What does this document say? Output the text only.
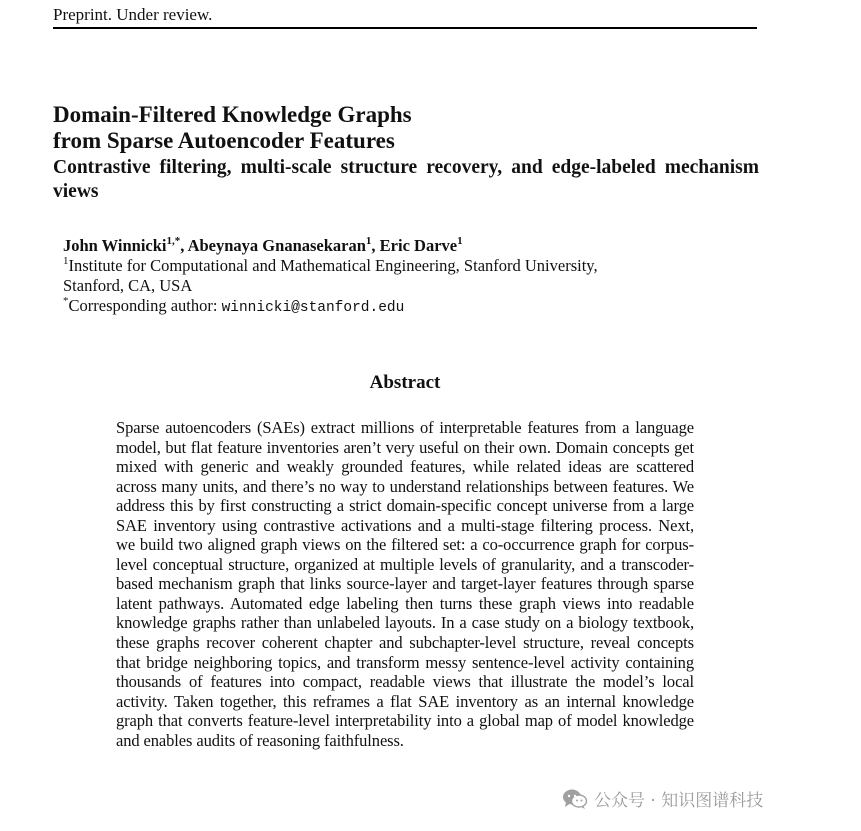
Preprint. Under review.
Domain-Filtered Knowledge Graphs
from Sparse Autoencoder Features
Contrastive filtering, multi-scale structure recovery, and edge-labeled mechanism views
John Winnicki$^{1,*}$, Abeynaya Gnanasekaran$^1$, Eric Darve$^1$
$^1$Institute for Computational and Mathematical Engineering, Stanford University,
Stanford, CA, USA
*Corresponding author: winnicki@stanford.edu
Abstract

Sparse autoencoders (SAEs) extract millions of interpretable features from a language model, but flat feature inventories aren’t very useful on their own. Domain concepts get mixed with generic and weakly grounded features, while related ideas are scattered across many units, and there’s no way to understand relationships between features. We address this by first constructing a strict domain-specific concept universe from a large SAE inventory using contrastive activations and a multi-stage filtering process. Next, we build two aligned graph views on the filtered set: a co-occurrence graph for corpus-level conceptual structure, organized at multiple levels of granularity, and a transcoder-based mechanism graph that links source-layer and target-layer features through sparse latent pathways. Automated edge labeling then turns these graph views into readable knowledge graphs rather than unlabeled layouts. In a case study on a biology textbook, these graphs recover coherent chapter and subchapter-level structure, reveal concepts that bridge neighboring topics, and transform messy sentence-level activity containing thousands of features into compact, readable views that illustrate the model’s local activity. Taken together, this reframes a flat SAE inventory as an internal knowledge graph that converts feature-level interpretability into a global map of model knowledge and enables audits of reasoning faithfulness.

公众号 · 知识图谱科技
